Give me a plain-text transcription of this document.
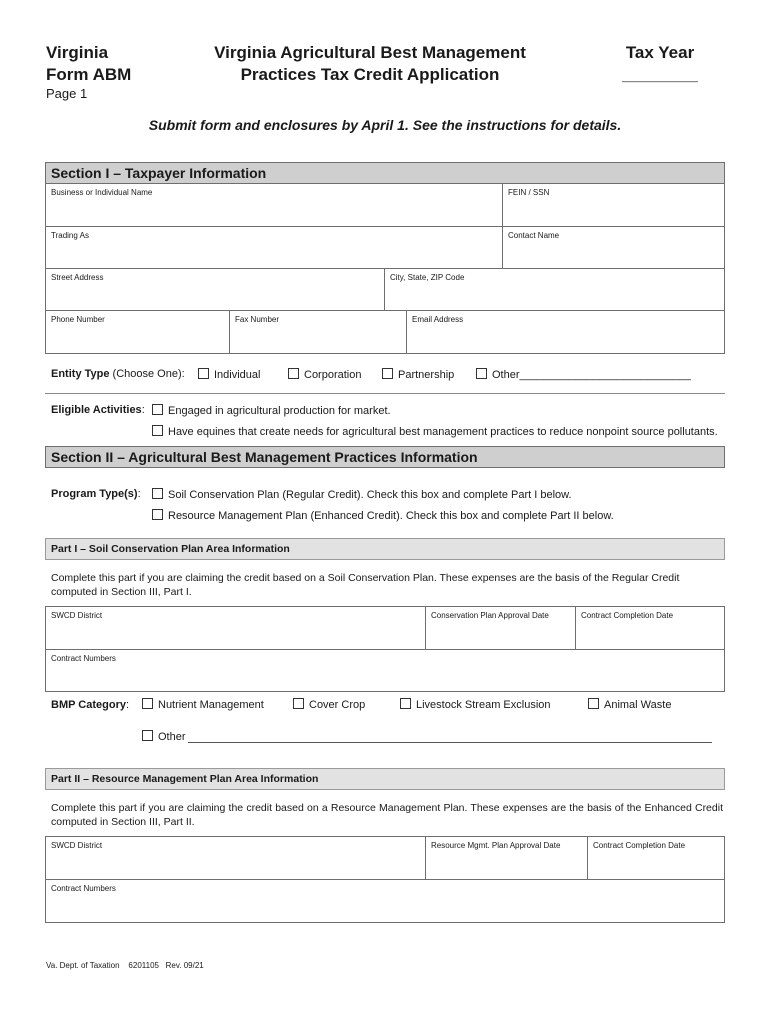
Virginia
Form ABM
Page 1
Virginia Agricultural Best Management
Practices Tax Credit Application
Tax Year
________
Submit form and enclosures by April 1. See the instructions for details.
Section I – Taxpayer Information
Business or Individual Name	FEIN / SSN
Trading As	Contact Name
Street Address	City, State, ZIP Code
Phone Number	Fax Number	Email Address
Entity Type (Choose One):	Individual	Corporation	Partnership	Other____________________________
Eligible Activities:	Engaged in agricultural production for market.
Have equines that create needs for agricultural best management practices to reduce nonpoint source pollutants.
Section II – Agricultural Best Management Practices Information
Program Type(s):	Soil Conservation Plan (Regular Credit). Check this box and complete Part I below.
Resource Management Plan (Enhanced Credit). Check this box and complete Part II below.
Part I – Soil Conservation Plan Area Information
Complete this part if you are claiming the credit based on a Soil Conservation Plan. These expenses are the basis of the Regular Credit computed in Section III, Part I.
SWCD District	Conservation Plan Approval Date	Contract Completion Date
Contract Numbers
BMP Category:	Nutrient Management	Cover Crop	Livestock Stream Exclusion	Animal Waste
Other
Part II – Resource Management Plan Area Information
Complete this part if you are claiming the credit based on a Resource Management Plan. These expenses are the basis of the Enhanced Credit computed in Section III, Part II.
SWCD District	Resource Mgmt. Plan Approval Date	Contract Completion Date
Contract Numbers
Va. Dept. of Taxation 6201105 Rev. 09/21
